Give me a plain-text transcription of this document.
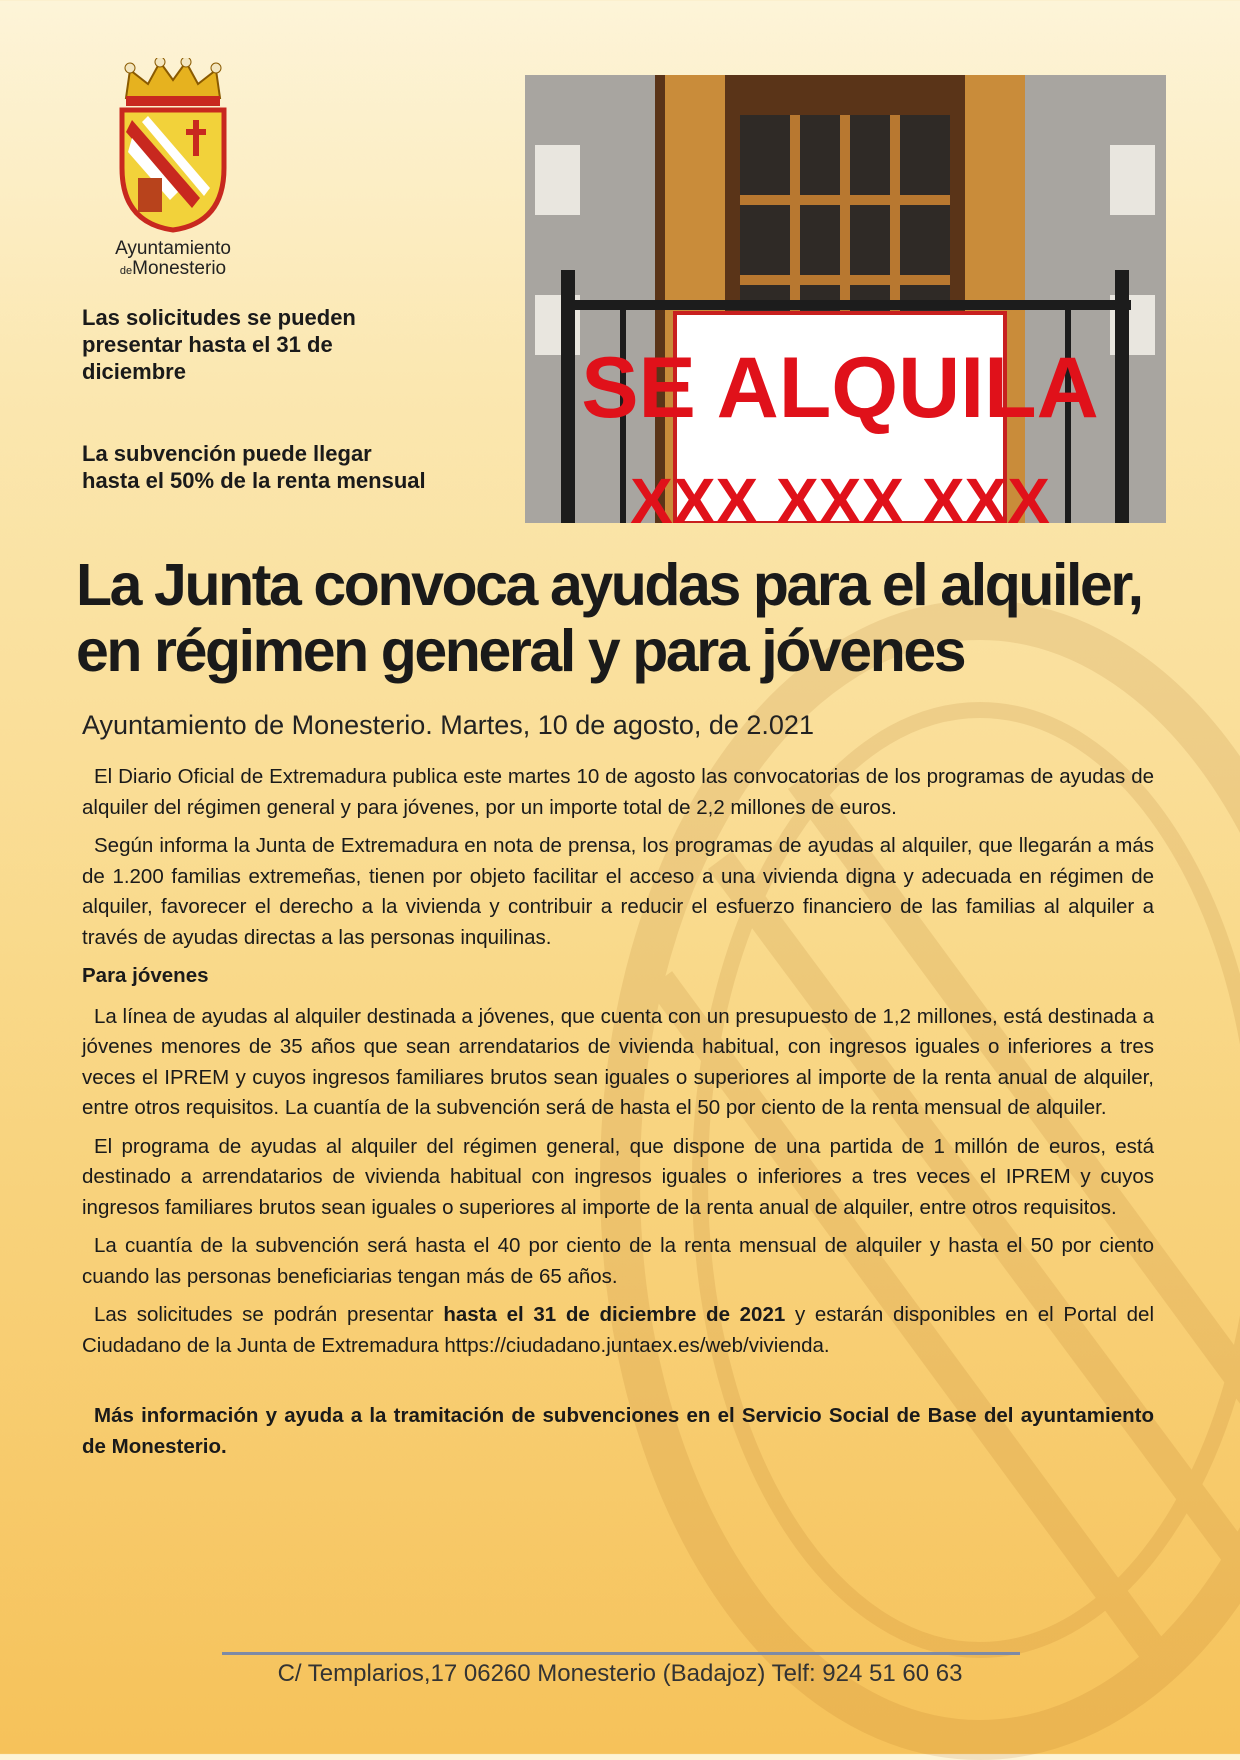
Ayuntamiento
deMonesterio
Las solicitudes se pueden presentar hasta el 31 de diciembre
La subvención puede llegar hasta el 50% de la renta mensual
SE ALQUILA
XXX XXX XXX
La Junta convoca ayudas para el alquiler, en régimen general y para jóvenes
Ayuntamiento de Monesterio. Martes, 10 de agosto, de 2.021

El Diario Oficial de Extremadura publica este martes 10 de agosto las convocatorias de los programas de ayudas de alquiler del régimen general y para jóvenes, por un importe total de 2,2 millones de euros.

Según informa la Junta de Extremadura en nota de prensa, los programas de ayudas al alquiler, que llegarán a más de 1.200 familias extremeñas, tienen por objeto facilitar el acceso a una vivienda digna y adecuada en régimen de alquiler, favorecer el derecho a la vivienda y contribuir a reducir el esfuerzo financiero de las familias al alquiler a través de ayudas directas a las personas inquilinas.

Para jóvenes

La línea de ayudas al alquiler destinada a jóvenes, que cuenta con un presupuesto de 1,2 millones, está destinada a jóvenes menores de 35 años que sean arrendatarios de vivienda habitual, con ingresos iguales o inferiores a tres veces el IPREM y cuyos ingresos familiares brutos sean iguales o superiores al importe de la renta anual de alquiler, entre otros requisitos. La cuantía de la subvención será de hasta el 50 por ciento de la renta mensual de alquiler.

El programa de ayudas al alquiler del régimen general, que dispone de una partida de 1 millón de euros, está destinado a arrendatarios de vivienda habitual con ingresos iguales o inferiores a tres veces el IPREM y cuyos ingresos familiares brutos sean iguales o superiores al importe de la renta anual de alquiler, entre otros requisitos.

La cuantía de la subvención será hasta el 40 por ciento de la renta mensual de alquiler y hasta el 50 por ciento cuando las personas beneficiarias tengan más de 65 años.

Las solicitudes se podrán presentar hasta el 31 de diciembre de 2021 y estarán disponibles en el Portal del Ciudadano de la Junta de Extremadura https://ciudadano.juntaex.es/web/vivienda.

Más información y ayuda a la tramitación de subvenciones en el Servicio Social de Base del ayuntamiento de Monesterio.

C/ Templarios,17 06260 Monesterio (Badajoz) Telf: 924 51 60 63
